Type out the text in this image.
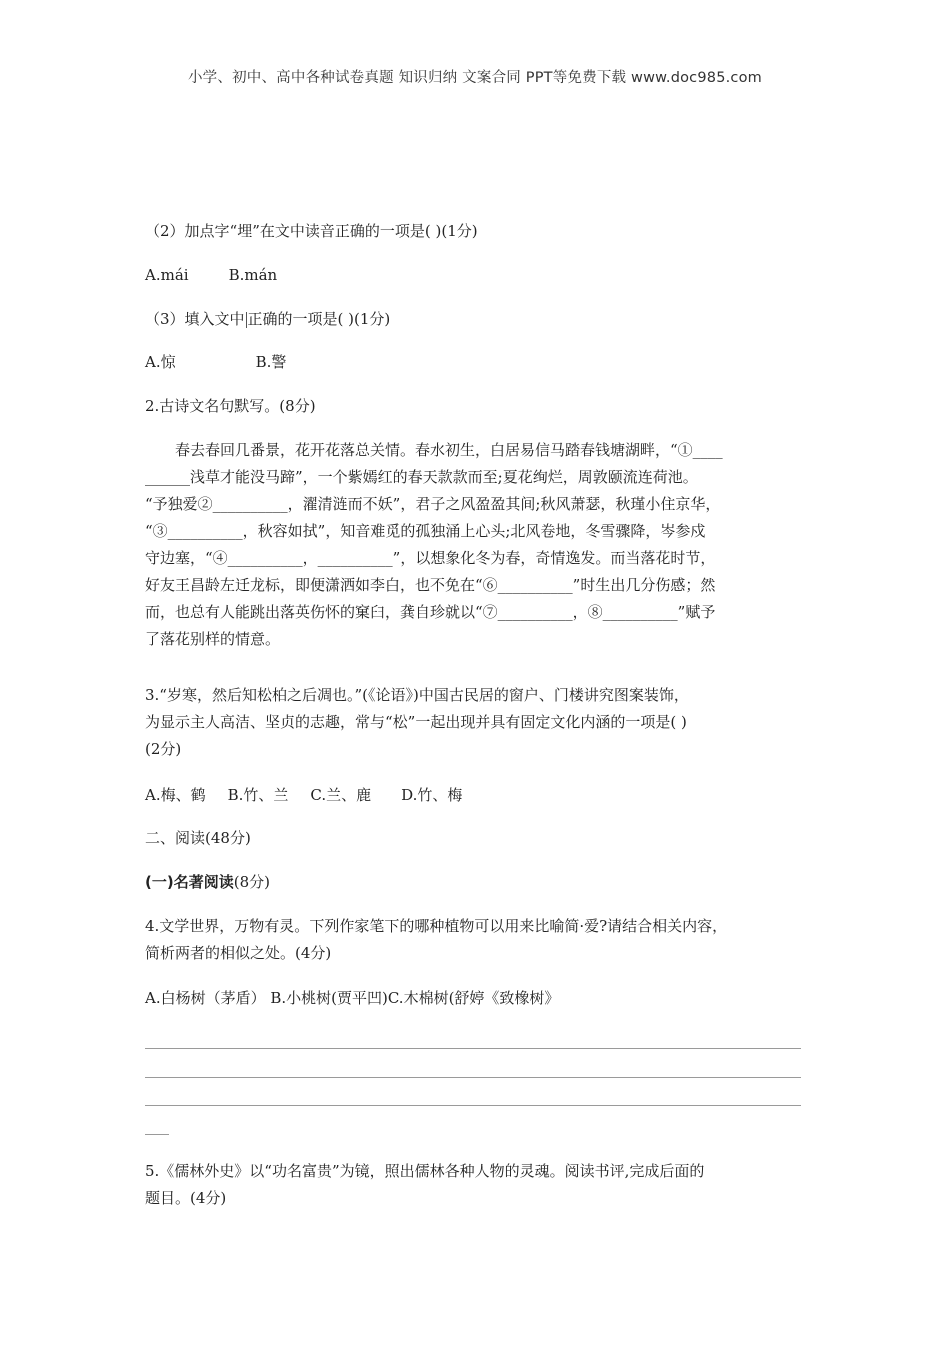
小学、初中、高中各种试卷真题 知识归纳 文案合同 PPT等免费下载 www.doc985.com
（2）加点字“埋”在文中读音正确的一项是( )(1分)
A.mái	B.mán
（3）填入文中 正确的一项是( )(1分)
A.惊	B.警
2.古诗文名句默写。(8分)

春去春回几番景，花开花落总关情。春水初生，白居易信马踏春钱塘湖畔，“①____

______浅草才能没马蹄”，一个紫嫣红的春天款款而至;夏花绚烂，周敦颐流连荷池。

“予独爱②__________，濯清涟而不妖”，君子之风盈盈其间;秋风萧瑟，秋瑾小住京华，

“③__________，秋容如拭”，知音难觅的孤独涌上心头;北风卷地，冬雪骤降，岑参戍

守边塞，“④__________，__________”，以想象化冬为春，奇情逸发。而当落花时节，

好友王昌龄左迁龙标，即便潇洒如李白，也不免在“⑥__________”时生出几分伤感；然

而，也总有人能跳出落英伤怀的窠臼，龚自珍就以“⑦__________，⑧__________”赋予

了落花别样的情意。

3.“岁寒，然后知松柏之后凋也。”(《论语》)中国古民居的窗户、门楼讲究图案装饰，

为显示主人高洁、坚贞的志趣，常与“松”一起出现并具有固定文化内涵的一项是( )

(2分)

A.梅、鹤 B.竹、兰 C.兰、鹿 D.竹、梅
二、阅读(48分)
(一)名著阅读(8分)

4.文学世界，万物有灵。下列作家笔下的哪种植物可以用来比喻简·爱?请结合相关内容，

简析两者的相似之处。(4分)

A.白杨树（茅盾） B.小桃树(贾平凹)C.木棉树(舒婷《致橡树》

5.《儒林外史》以“功名富贵”为镜，照出儒林各种人物的灵魂。阅读书评,完成后面的

题目。(4分)
